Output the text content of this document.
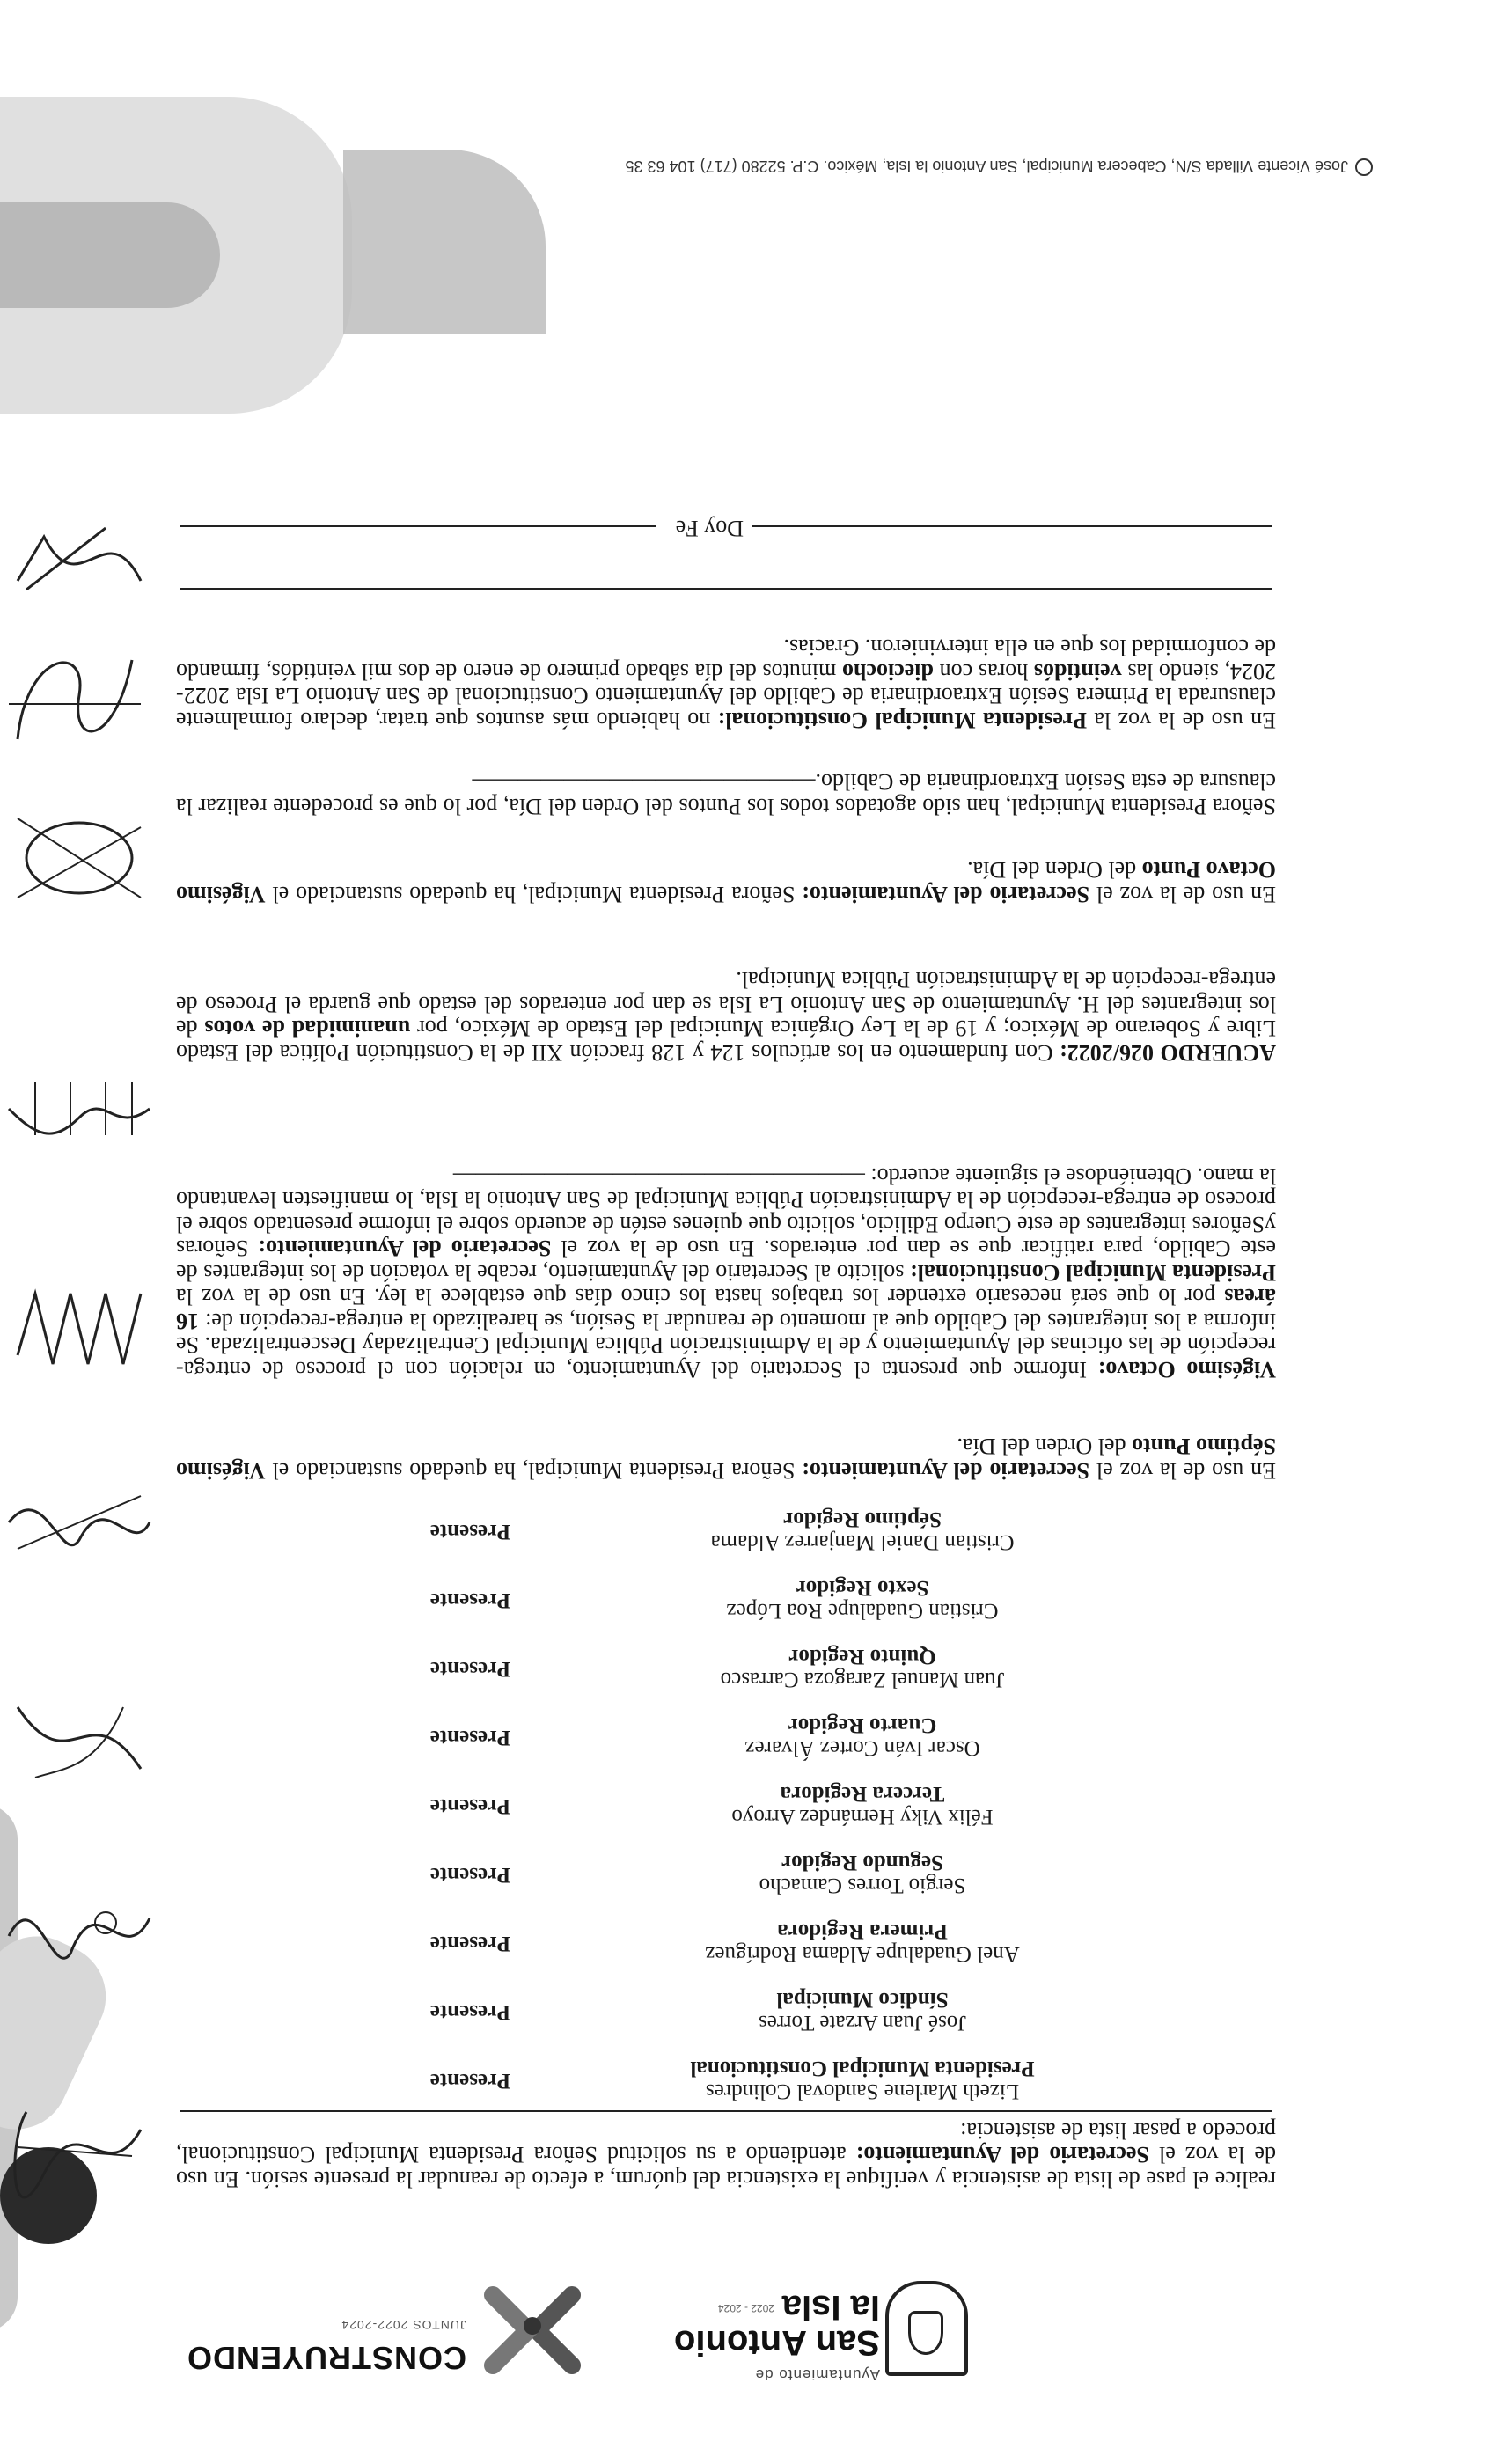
Ayuntamiento de
San Antonio
la Isla
2022 - 2024
CONSTRUYENDO
JUNTOS 2022-2024
realice el pase de lista de asistencia y verifique la existencia del quórum, a efecto de reanudar la presente sesión. En uso de la voz el Secretario del Ayuntamiento: atendiendo a su solicitud Señora Presidenta Municipal Constitucional, procedo a pasar lista de asistencia:
Lizeth Marlene Sandoval Colindres
Presidenta Municipal Constitucional
Presente
José Juan Arzate Torres
Síndico Municipal
Presente
Anel Guadalupe Aldama Rodríguez
Primera Regidora
Presente
Sergio Torres Camacho
Segundo Regidor
Presente
Félix Viky Hernández Arroyo
Tercera Regidora
Presente
Oscar Iván Cortez Álvarez
Cuarto Regidor
Presente
Juan Manuel Zaragoza Carrasco
Quinto Regidor
Presente
Cristian Guadalupe Roa López
Sexto Regidor
Presente
Cristian Daniel Manjarrez Aldama
Séptimo Regidor
Presente
En uso de la voz el Secretario del Ayuntamiento: Señora Presidenta Municipal, ha quedado sustanciado el Vigésimo Séptimo Punto del Orden del Día.
Vigésimo Octavo: Informe que presenta el Secretario del Ayuntamiento, en relación con el proceso de entrega-recepción de las oficinas del Ayuntamiento y de la Administración Pública Municipal Centralizaday Descentralizada. Se informa a los integrantes del Cabildo que al momento de reanudar la Sesión, se harealizado la entrega-recepción de: 16 áreas por lo que será necesario extender los trabajos hasta los cinco días que establece la ley. En uso de la voz la Presidenta Municipal Constitucional: solicito al Secretario del Ayuntamiento, recabe la votación de los integrantes de este Cabildo, para ratificar que se dan por enterados. En uso de la voz el Secretario del Ayuntamiento: Señoras ySeñores integrantes de este Cuerpo Edilicio, solicito que quienes estén de acuerdo sobre el informe presentado sobre el proceso de entrega-recepción de la Administración Pública Municipal de San Antonio la Isla, lo manifiesten levantando la mano. Obteniéndose el siguiente acuerdo: ——————————————————
ACUERDO 026/2022: Con fundamento en los artículos 124 y 128 fracción XII de la Constitución Política del Estado Libre y Soberano de México; y 19 de la Ley Orgánica Municipal del Estado de México, por unanimidad de votos de los integrantes del H. Ayuntamiento de San Antonio La Isla se dan por enterados del estado que guarda el Proceso de entrega-recepción de la Administración Pública Municipal.
En uso de la voz el Secretario del Ayuntamiento: Señora Presidenta Municipal, ha quedado sustanciado el Vigésimo Octavo Punto del Orden del Día.
Señora Presidenta Municipal, han sido agotados todos los Puntos del Orden del Día, por lo que es procedente realizar la clausura de esta Sesión Extraordinaria de Cabildo.———————————————
En uso de la voz la Presidenta Municipal Constitucional: no habiendo más asuntos que tratar, declaro formalmente clausurada la Primera Sesión Extraordinaria de Cabildo del Ayuntamiento Constitucional de San Antonio La Isla 2022-2024, siendo las veintidós horas con dieciocho minutos del día sábado primero de enero de dos mil veintidós, firmando de conformidad los que en ella intervinieron. Gracias.
Doy Fe
José Vicente Villada S/N, Cabecera Municipal, San Antonio la Isla, México. C.P. 52280 (717) 104 63 35
